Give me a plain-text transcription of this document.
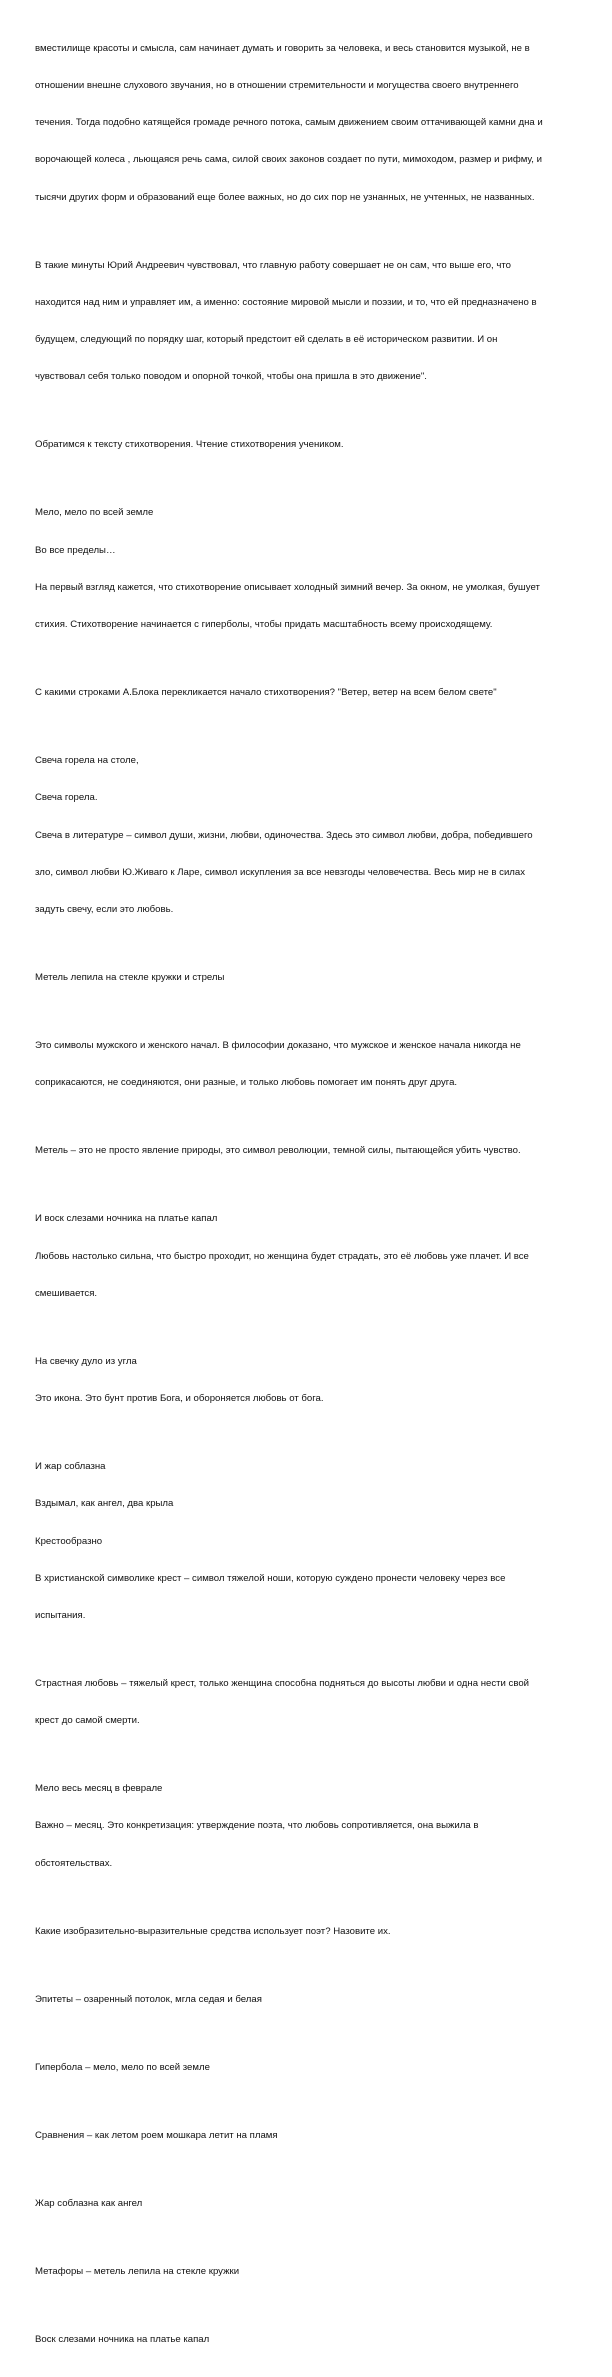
вместилище красоты и смысла, сам начинает думать и говорить за человека, и весь становится музыкой, не в

отношении внешне слухового звучания, но в отношении стремительности и могущества своего внутреннего

течения. Тогда подобно катящейся громаде речного потока, самым движением своим оттачивающей камни дна и

ворочающей колеса , льющаяся речь сама, силой своих законов создает по пути, мимоходом, размер и рифму, и

тысячи других форм и образований еще более важных, но до сих пор не узнанных, не учтенных, не названных.

В такие минуты Юрий Андреевич чувствовал, что главную работу совершает не он сам, что выше его, что

находится над ним и управляет им, а именно: состояние мировой мысли и поэзии, и то, что ей предназначено в

будущем, следующий по порядку шаг, который предстоит ей сделать в её историческом развитии. И он

чувствовал себя только поводом и опорной точкой, чтобы она пришла в это движение".

Обратимся к тексту стихотворения. Чтение стихотворения учеником.

Мело, мело по всей земле

Во все пределы…

На первый взгляд кажется, что стихотворение описывает холодный зимний вечер. За окном, не умолкая, бушует

стихия. Стихотворение начинается с гиперболы, чтобы придать масштабность всему происходящему.

С какими строками А.Блока перекликается начало стихотворения? "Ветер, ветер на всем белом свете"

Свеча горела на столе,

Свеча горела.

Свеча в литературе – символ души, жизни, любви, одиночества. Здесь это символ любви, добра, победившего

зло, символ любви Ю.Живаго к Ларе, символ искупления за все невзгоды человечества. Весь мир не в силах

задуть свечу, если это любовь.

Метель лепила на стекле кружки и стрелы

Это символы мужского и женского начал. В философии доказано, что мужское и женское начала никогда не

соприкасаются, не соединяются, они разные, и только любовь помогает им понять друг друга.

Метель – это не просто явление природы, это символ революции, темной силы, пытающейся убить чувство.

И воск слезами ночника на платье капал

Любовь настолько сильна, что быстро проходит, но женщина будет страдать, это её любовь уже плачет. И все

смешивается.

На свечку дуло из угла

Это икона. Это бунт против Бога, и обороняется любовь от бога.

И жар соблазна

Вздымал, как ангел, два крыла

Крестообразно

В христианской символике крест – символ тяжелой ноши, которую суждено пронести человеку через все

испытания.

Страстная любовь – тяжелый крест, только женщина способна подняться до высоты любви и одна нести свой

крест до самой смерти.

Мело весь месяц в феврале

Важно – месяц. Это конкретизация: утверждение поэта, что любовь сопротивляется, она выжила в

обстоятельствах.

Какие изобразительно-выразительные средства использует поэт? Назовите их.

Эпитеты – озаренный потолок, мгла седая и белая

Гипербола – мело, мело по всей земле

Сравнения – как летом роем мошкара летит на пламя

Жар соблазна как ангел

Метафоры – метель лепила на стекле кружки

Воск слезами ночника на платье капал
